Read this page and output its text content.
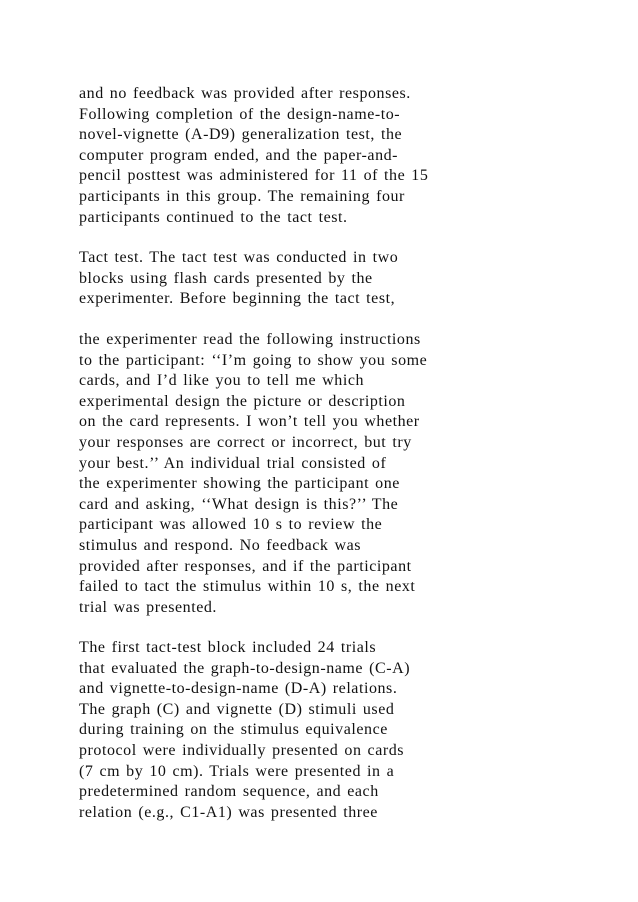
and no feedback was provided after responses.
Following completion of the design-name-to-
novel-vignette (A-D9) generalization test, the
computer program ended, and the paper-and-
pencil posttest was administered for 11 of the 15
participants in this group. The remaining four
participants continued to the tact test.
Tact test. The tact test was conducted in two
blocks using flash cards presented by the
experimenter. Before beginning the tact test,
the experimenter read the following instructions
to the participant: ‘‘I’m going to show you some
cards, and I’d like you to tell me which
experimental design the picture or description
on the card represents. I won’t tell you whether
your responses are correct or incorrect, but try
your best.’’ An individual trial consisted of
the experimenter showing the participant one
card and asking, ‘‘What design is this?’’ The
participant was allowed 10 s to review the
stimulus and respond. No feedback was
provided after responses, and if the participant
failed to tact the stimulus within 10 s, the next
trial was presented.
The first tact-test block included 24 trials
that evaluated the graph-to-design-name (C-A)
and vignette-to-design-name (D-A) relations.
The graph (C) and vignette (D) stimuli used
during training on the stimulus equivalence
protocol were individually presented on cards
(7 cm by 10 cm). Trials were presented in a
predetermined random sequence, and each
relation (e.g., C1-A1) was presented three
